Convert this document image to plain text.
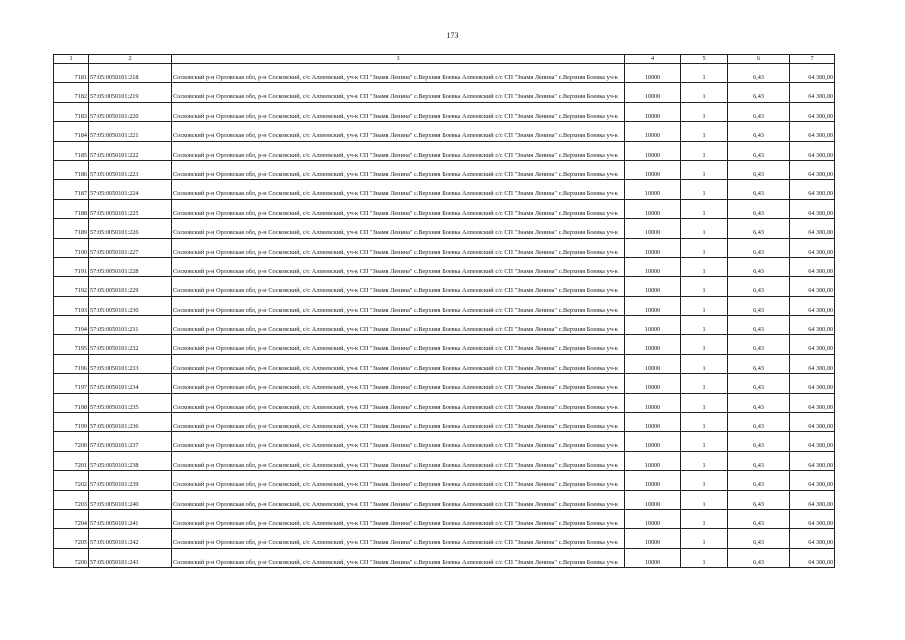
173
1	2	3	4	5	6	7
7181	57:05:0050101:218	Сосковский р-н Орловская обл, р-н Сосковский, с/с Алпеевский, уч-к СП "Знамя Ленина" с.Верхняя Боевка Алпеевский с/с СП "Знамя Ленина" с.Верхняя Боевка уч-к	10000	1	6,43	64 300,00
7182	57:05:0050101:219	Сосковский р-н Орловская обл, р-н Сосковский, с/с Алпеевский, уч-к СП "Знамя Ленина" с.Верхняя Боевка Алпеевский с/с СП "Знамя Ленина" с.Верхняя Боевка уч-к	10000	1	6,43	64 300,00
7183	57:05:0050101:220	Сосковский р-н Орловская обл, р-н Сосковский, с/с Алпеевский, уч-к СП "Знамя Ленина" с.Верхняя Боевка Алпеевский с/с СП "Знамя Ленина" с.Верхняя Боевка уч-к	10000	1	6,43	64 300,00
7184	57:05:0050101:221	Сосковский р-н Орловская обл, р-н Сосковский, с/с Алпеевский, уч-к СП "Знамя Ленина" с.Верхняя Боевка Алпеевский с/с СП "Знамя Ленина" с.Верхняя Боевка уч-к	10000	1	6,43	64 300,00
7185	57:05:0050101:222	Сосковский р-н Орловская обл, р-н Сосковский, с/с Алпеевский, уч-к СП "Знамя Ленина" с.Верхняя Боевка Алпеевский с/с СП "Знамя Ленина" с.Верхняя Боевка уч-к	10000	1	6,43	64 300,00
7186	57:05:0050101:223	Сосковский р-н Орловская обл, р-н Сосковский, с/с Алпеевский, уч-к СП "Знамя Ленина" с.Верхняя Боевка Алпеевский с/с СП "Знамя Ленина" с.Верхняя Боевка уч-к	10000	1	6,43	64 300,00
7187	57:05:0050101:224	Сосковский р-н Орловская обл, р-н Сосковский, с/с Алпеевский, уч-к СП "Знамя Ленина" с.Верхняя Боевка Алпеевский с/с СП "Знамя Ленина" с.Верхняя Боевка уч-к	10000	1	6,43	64 300,00
7188	57:05:0050101:225	Сосковский р-н Орловская обл, р-н Сосковский, с/с Алпеевский, уч-к СП "Знамя Ленина" с.Верхняя Боевка Алпеевский с/с СП "Знамя Ленина" с.Верхняя Боевка уч-к	10000	1	6,43	64 300,00
7189	57:05:0050101:226	Сосковский р-н Орловская обл, р-н Сосковский, с/с Алпеевский, уч-к СП "Знамя Ленина" с.Верхняя Боевка Алпеевский с/с СП "Знамя Ленина" с.Верхняя Боевка уч-к	10000	1	6,43	64 300,00
7190	57:05:0050101:227	Сосковский р-н Орловская обл, р-н Сосковский, с/с Алпеевский, уч-к СП "Знамя Ленина" с.Верхняя Боевка Алпеевский с/с СП "Знамя Ленина" с.Верхняя Боевка уч-к	10000	1	6,43	64 300,00
7191	57:05:0050101:228	Сосковский р-н Орловская обл, р-н Сосковский, с/с Алпеевский, уч-к СП "Знамя Ленина" с.Верхняя Боевка Алпеевский с/с СП "Знамя Ленина" с.Верхняя Боевка уч-к	10000	1	6,43	64 300,00
7192	57:05:0050101:229	Сосковский р-н Орловская обл, р-н Сосковский, с/с Алпеевский, уч-к СП "Знамя Ленина" с.Верхняя Боевка Алпеевский с/с СП "Знамя Ленина" с.Верхняя Боевка уч-к	10000	1	6,43	64 300,00
7193	57:05:0050101:230	Сосковский р-н Орловская обл, р-н Сосковский, с/с Алпеевский, уч-к СП "Знамя Ленина" с.Верхняя Боевка Алпеевский с/с СП "Знамя Ленина" с.Верхняя Боевка уч-к	10000	1	6,43	64 300,00
7194	57:05:0050101:231	Сосковский р-н Орловская обл, р-н Сосковский, с/с Алпеевский, уч-к СП "Знамя Ленина" с.Верхняя Боевка Алпеевский с/с СП "Знамя Ленина" с.Верхняя Боевка уч-к	10000	1	6,43	64 300,00
7195	57:05:0050101:232	Сосковский р-н Орловская обл, р-н Сосковский, с/с Алпеевский, уч-к СП "Знамя Ленина" с.Верхняя Боевка Алпеевский с/с СП "Знамя Ленина" с.Верхняя Боевка уч-к	10000	1	6,43	64 300,00
7196	57:05:0050101:233	Сосковский р-н Орловская обл, р-н Сосковский, с/с Алпеевский, уч-к СП "Знамя Ленина" с.Верхняя Боевка Алпеевский с/с СП "Знамя Ленина" с.Верхняя Боевка уч-к	10000	1	6,43	64 300,00
7197	57:05:0050101:234	Сосковский р-н Орловская обл, р-н Сосковский, с/с Алпеевский, уч-к СП "Знамя Ленина" с.Верхняя Боевка Алпеевский с/с СП "Знамя Ленина" с.Верхняя Боевка уч-к	10000	1	6,43	64 300,00
7198	57:05:0050101:235	Сосковский р-н Орловская обл, р-н Сосковский, с/с Алпеевский, уч-к СП "Знамя Ленина" с.Верхняя Боевка Алпеевский с/с СП "Знамя Ленина" с.Верхняя Боевка уч-к	10000	1	6,43	64 300,00
7199	57:05:0050101:236	Сосковский р-н Орловская обл, р-н Сосковский, с/с Алпеевский, уч-к СП "Знамя Ленина" с.Верхняя Боевка Алпеевский с/с СП "Знамя Ленина" с.Верхняя Боевка уч-к	10000	1	6,43	64 300,00
7200	57:05:0050101:237	Сосковский р-н Орловская обл, р-н Сосковский, с/с Алпеевский, уч-к СП "Знамя Ленина" с.Верхняя Боевка Алпеевский с/с СП "Знамя Ленина" с.Верхняя Боевка уч-к	10000	1	6,43	64 300,00
7201	57:05:0050101:238	Сосковский р-н Орловская обл, р-н Сосковский, с/с Алпеевский, уч-к СП "Знамя Ленина" с.Верхняя Боевка Алпеевский с/с СП "Знамя Ленина" с.Верхняя Боевка уч-к	10000	1	6,43	64 300,00
7202	57:05:0050101:239	Сосковский р-н Орловская обл, р-н Сосковский, с/с Алпеевский, уч-к СП "Знамя Ленина" с.Верхняя Боевка Алпеевский с/с СП "Знамя Ленина" с.Верхняя Боевка уч-к	10000	1	6,43	64 300,00
7203	57:05:0050101:240	Сосковский р-н Орловская обл, р-н Сосковский, с/с Алпеевский, уч-к СП "Знамя Ленина" с.Верхняя Боевка Алпеевский с/с СП "Знамя Ленина" с.Верхняя Боевка уч-к	10000	1	6,43	64 300,00
7204	57:05:0050101:241	Сосковский р-н Орловская обл, р-н Сосковский, с/с Алпеевский, уч-к СП "Знамя Ленина" с.Верхняя Боевка Алпеевский с/с СП "Знамя Ленина" с.Верхняя Боевка уч-к	10000	1	6,43	64 300,00
7205	57:05:0050101:242	Сосковский р-н Орловская обл, р-н Сосковский, с/с Алпеевский, уч-к СП "Знамя Ленина" с.Верхняя Боевка Алпеевский с/с СП "Знамя Ленина" с.Верхняя Боевка уч-к	10000	1	6,43	64 300,00
7206	57:05:0050101:243	Сосковский р-н Орловская обл, р-н Сосковский, с/с Алпеевский, уч-к СП "Знамя Ленина" с.Верхняя Боевка Алпеевский с/с СП "Знамя Ленина" с.Верхняя Боевка уч-к	10000	1	6,43	64 300,00
